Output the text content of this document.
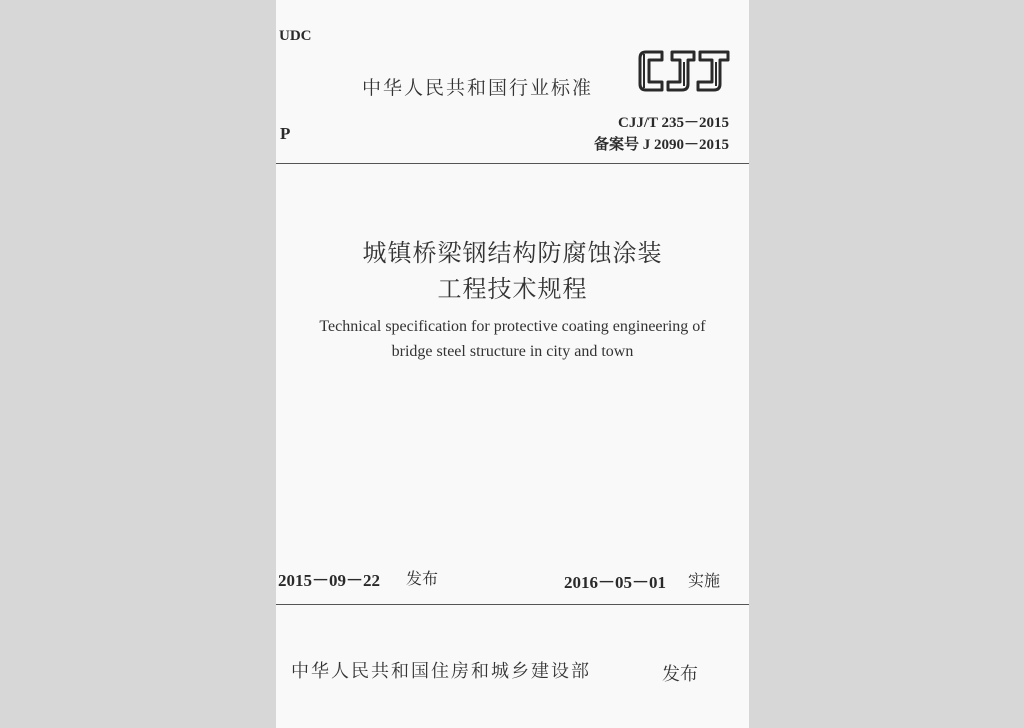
UDC
P
中华人民共和国行业标准
CJJ/T 235－2015
备案号 J 2090－2015
城镇桥梁钢结构防腐蚀涂装
工程技术规程
Technical specification for protective coating engineering of
bridge steel structure in city and town
2015－09－22 发布	2016－05－01 实施
中华人民共和国住房和城乡建设部	发布
